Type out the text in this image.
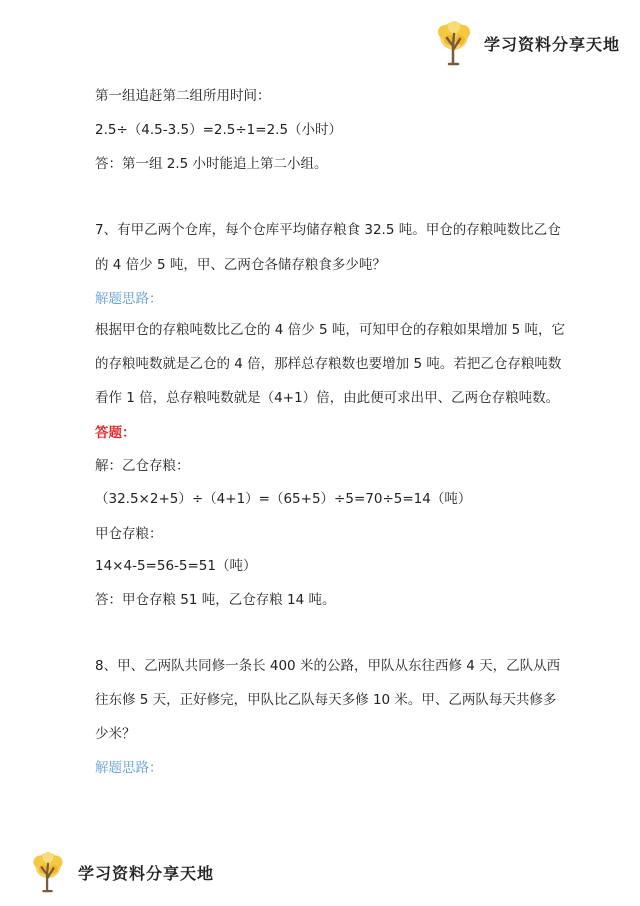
学习资料分享天地
第一组追赶第二组所用时间：
2.5÷（4.5-3.5）=2.5÷1=2.5（小时）
答：第一组 2.5 小时能追上第二小组。
7、有甲乙两个仓库，每个仓库平均储存粮食 32.5 吨。甲仓的存粮吨数比乙仓
的 4 倍少 5 吨，甲、乙两仓各储存粮食多少吨？
解题思路：
根据甲仓的存粮吨数比乙仓的 4 倍少 5 吨，可知甲仓的存粮如果增加 5 吨，它
的存粮吨数就是乙仓的 4 倍，那样总存粮数也要增加 5 吨。若把乙仓存粮吨数
看作 1 倍，总存粮吨数就是（4+1）倍，由此便可求出甲、乙两仓存粮吨数。
答题：
解：乙仓存粮：
（32.5×2+5）÷（4+1）=（65+5）÷5=70÷5=14（吨）
甲仓存粮：
14×4-5=56-5=51（吨）
答：甲仓存粮 51 吨，乙仓存粮 14 吨。
8、甲、乙两队共同修一条长 400 米的公路，甲队从东往西修 4 天，乙队从西
往东修 5 天，正好修完，甲队比乙队每天多修 10 米。甲、乙两队每天共修多
少米？
解题思路：
学习资料分享天地
